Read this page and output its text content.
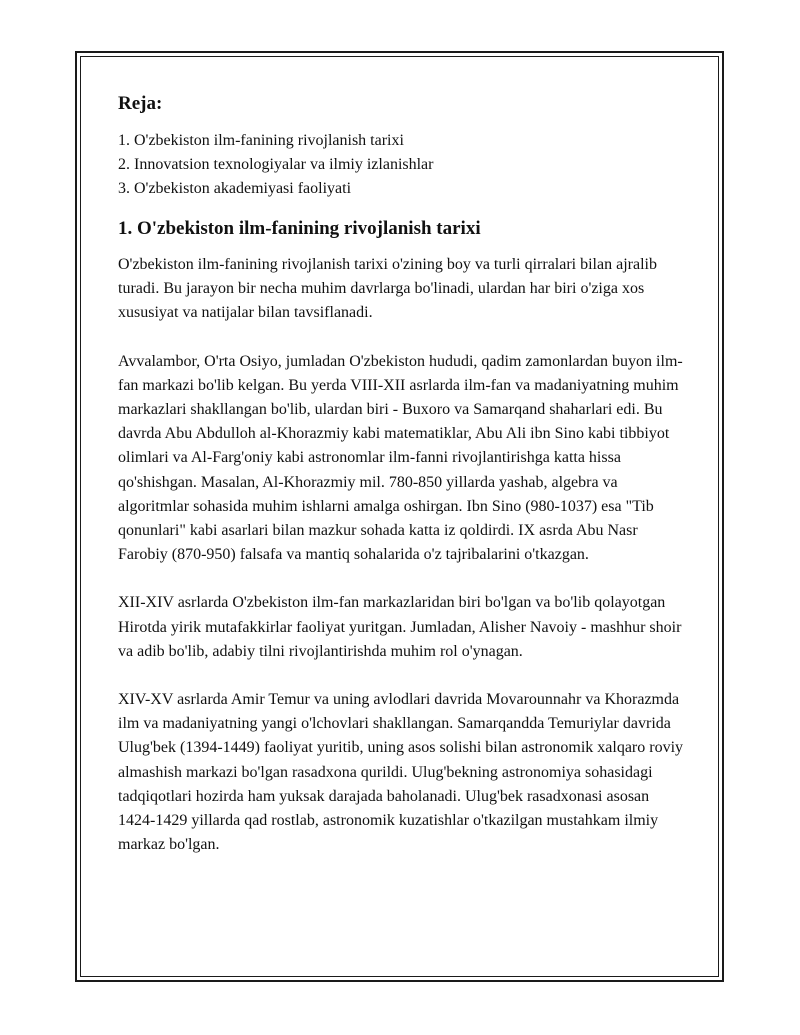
Reja:
1. O'zbekiston ilm-fanining rivojlanish tarixi
2. Innovatsion texnologiyalar va ilmiy izlanishlar
3. O'zbekiston akademiyasi faoliyati
1. O'zbekiston ilm-fanining rivojlanish tarixi

O'zbekiston ilm-fanining rivojlanish tarixi o'zining boy va turli qirralari bilan ajralib turadi. Bu jarayon bir necha muhim davrlarga bo'linadi, ulardan har biri o'ziga xos xususiyat va natijalar bilan tavsiflanadi.

Avvalambor, O'rta Osiyo, jumladan O'zbekiston hududi, qadim zamonlardan buyon ilm-fan markazi bo'lib kelgan. Bu yerda VIII-XII asrlarda ilm-fan va madaniyatning muhim markazlari shakllangan bo'lib, ulardan biri - Buxoro va Samarqand shaharlari edi. Bu davrda Abu Abdulloh al-Khorazmiy kabi matematiklar, Abu Ali ibn Sino kabi tibbiyot olimlari va Al-Farg'oniy kabi astronomlar ilm-fanni rivojlantirishga katta hissa qo'shishgan. Masalan, Al-Khorazmiy mil. 780-850 yillarda yashab, algebra va algoritmlar sohasida muhim ishlarni amalga oshirgan. Ibn Sino (980-1037) esa "Tib qonunlari" kabi asarlari bilan mazkur sohada katta iz qoldirdi. IX asrda Abu Nasr Farobiy (870-950) falsafa va mantiq sohalarida o'z tajribalarini o'tkazgan.

XII-XIV asrlarda O'zbekiston ilm-fan markazlaridan biri bo'lgan va bo'lib qolayotgan Hirotda yirik mutafakkirlar faoliyat yuritgan. Jumladan, Alisher Navoiy - mashhur shoir va adib bo'lib, adabiy tilni rivojlantirishda muhim rol o'ynagan.

XIV-XV asrlarda Amir Temur va uning avlodlari davrida Movarounnahr va Khorazmda ilm va madaniyatning yangi o'lchovlari shakllangan. Samarqandda Temuriylar davrida Ulug'bek (1394-1449) faoliyat yuritib, uning asos solishi bilan astronomik xalqaro roviy almashish markazi bo'lgan rasadxona qurildi. Ulug'bekning astronomiya sohasidagi tadqiqotlari hozirda ham yuksak darajada baholanadi. Ulug'bek rasadxonasi asosan 1424-1429 yillarda qad rostlab, astronomik kuzatishlar o'tkazilgan mustahkam ilmiy markaz bo'lgan.
